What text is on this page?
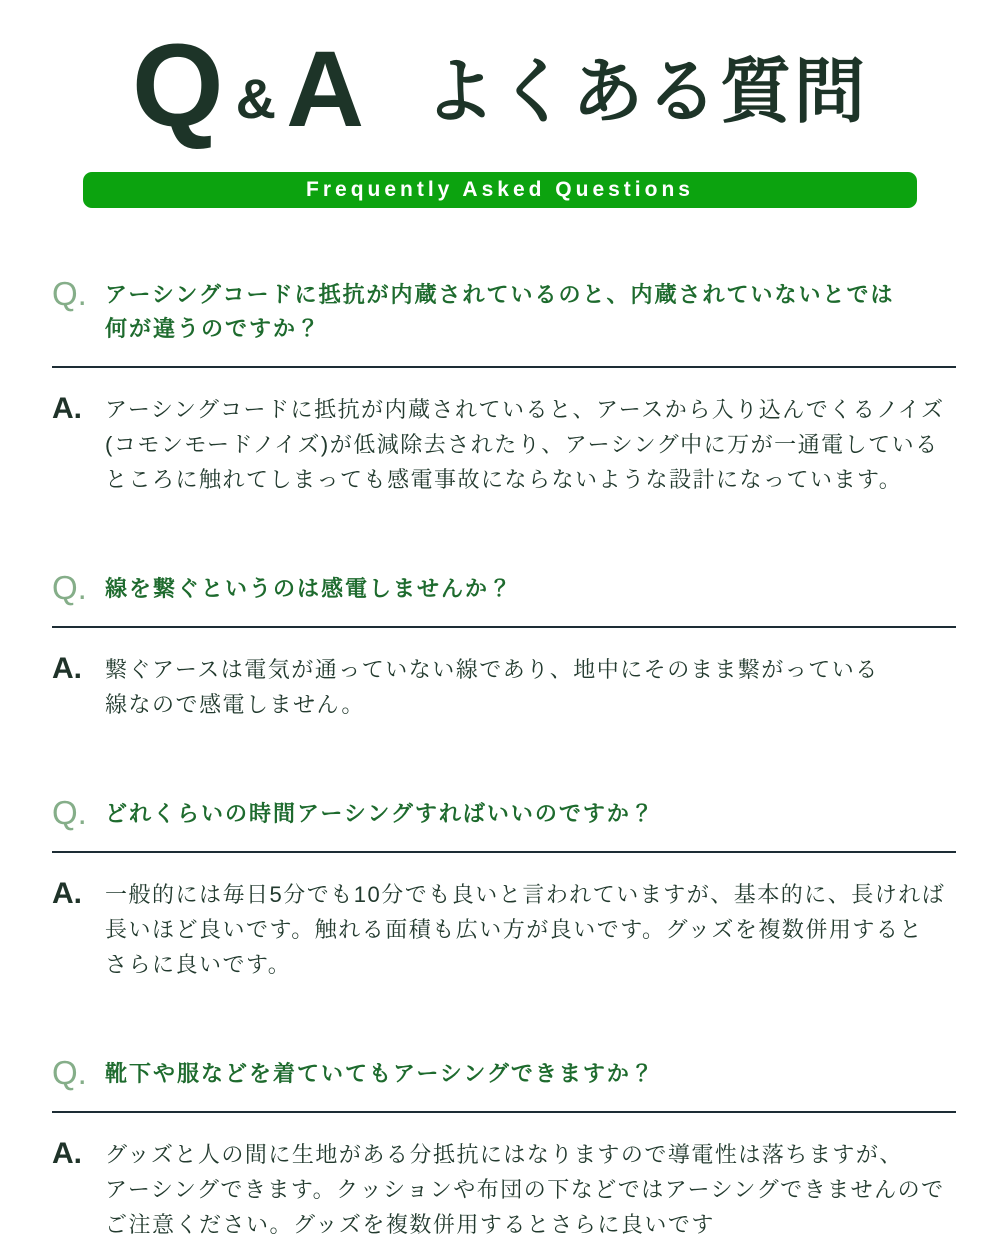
Q & A よくある質問
Frequently Asked Questions
Q. アーシングコードに抵抗が内蔵されているのと、内蔵されていないとでは
何が違うのですか？
A.	アーシングコードに抵抗が内蔵されていると、アースから入り込んでくるノイズ
(コモンモードノイズ)が低減除去されたり、アーシング中に万が一通電している
ところに触れてしまっても感電事故にならないような設計になっています。
Q. 線を繋ぐというのは感電しませんか？
A.	繋ぐアースは電気が通っていない線であり、地中にそのまま繋がっている
線なので感電しません。
Q. どれくらいの時間アーシングすればいいのですか？
A.	一般的には毎日5分でも10分でも良いと言われていますが、基本的に、長ければ
長いほど良いです。触れる面積も広い方が良いです。グッズを複数併用すると
さらに良いです。
Q. 靴下や服などを着ていてもアーシングできますか？
A.	グッズと人の間に生地がある分抵抗にはなりますので導電性は落ちますが、
アーシングできます。クッションや布団の下などではアーシングできませんので
ご注意ください。グッズを複数併用するとさらに良いです
